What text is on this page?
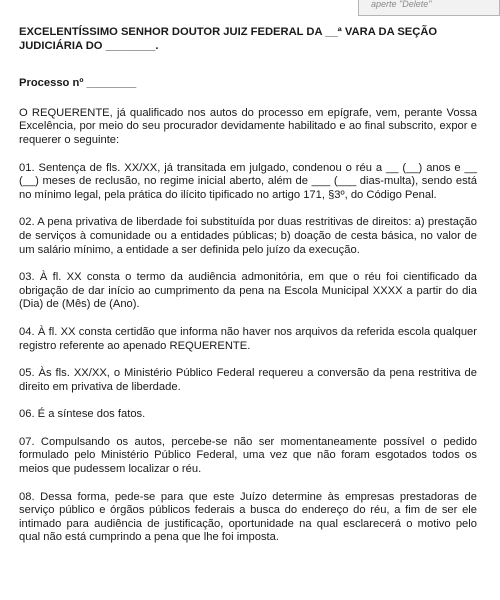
aperte "Delete"
EXCELENTÍSSIMO SENHOR DOUTOR JUIZ FEDERAL DA __ª VARA DA SEÇÃO JUDICIÁRIA DO ________.
Processo nº ________

O REQUERENTE, já qualificado nos autos do processo em epígrafe, vem, perante Vossa Excelência, por meio do seu procurador devidamente habilitado e ao final subscrito, expor e requerer o seguinte:

01. Sentença de fls. XX/XX, já transitada em julgado, condenou o réu a __ (__) anos e __ (__) meses de reclusão, no regime inicial aberto, além de ___ (___ dias-multa), sendo está no mínimo legal, pela prática do ilícito tipificado no artigo 171, §3º, do Código Penal.

02. A pena privativa de liberdade foi substituída por duas restritivas de direitos: a) prestação de serviços à comunidade ou a entidades públicas; b) doação de cesta básica, no valor de um salário mínimo, a entidade a ser definida pelo juízo da execução.

03. À fl. XX consta o termo da audiência admonitória, em que o réu foi cientificado da obrigação de dar início ao cumprimento da pena na Escola Municipal XXXX a partir do dia (Dia) de (Mês) de (Ano).

04. À fl. XX consta certidão que informa não haver nos arquivos da referida escola qualquer registro referente ao apenado REQUERENTE.

05. Às fls. XX/XX, o Ministério Público Federal requereu a conversão da pena restritiva de direito em privativa de liberdade.

06. É a síntese dos fatos.

07. Compulsando os autos, percebe-se não ser momentaneamente possível o pedido formulado pelo Ministério Público Federal, uma vez que não foram esgotados todos os meios que pudessem localizar o réu.

08. Dessa forma, pede-se para que este Juízo determine às empresas prestadoras de serviço público e órgãos públicos federais a busca do endereço do réu, a fim de ser ele intimado para audiência de justificação, oportunidade na qual esclarecerá o motivo pelo qual não está cumprindo a pena que lhe foi imposta.
